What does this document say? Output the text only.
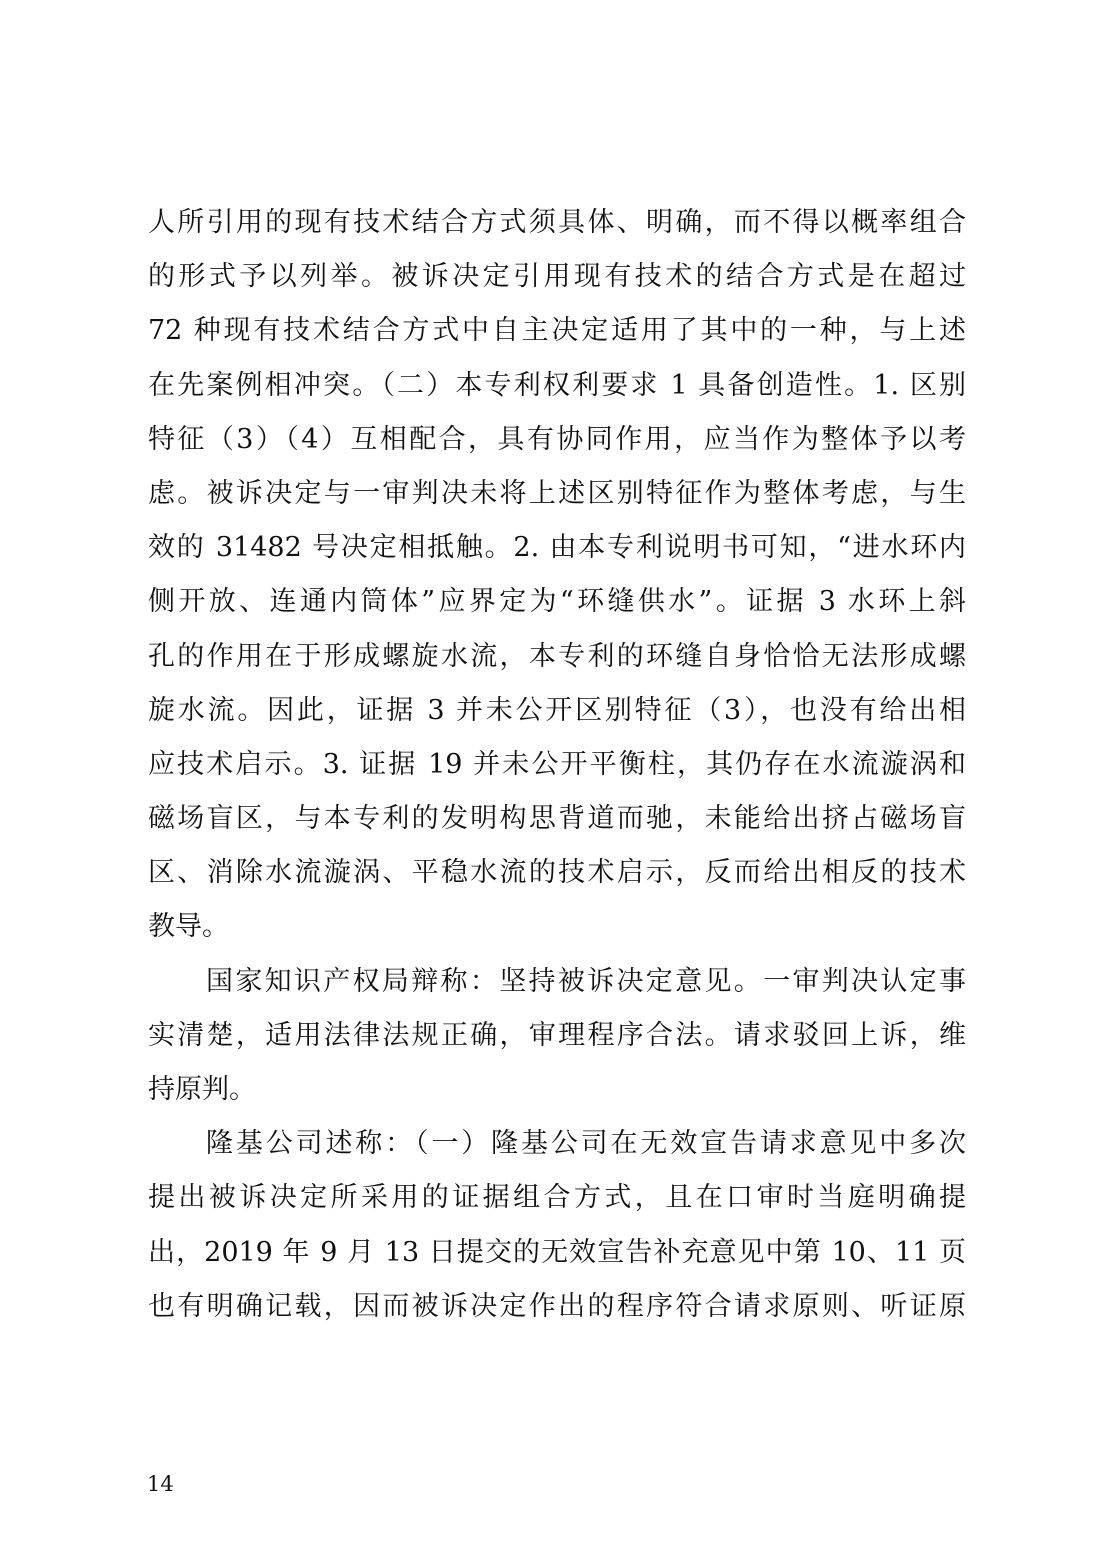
人所引用的现有技术结合方式须具体、明确，而不得以概率组合
的形式予以列举。被诉决定引用现有技术的结合方式是在超过
72 种现有技术结合方式中自主决定适用了其中的一种，与上述
在先案例相冲突。（二）本专利权利要求 1 具备创造性。1. 区别
特征（3）（4）互相配合，具有协同作用，应当作为整体予以考
虑。被诉决定与一审判决未将上述区别特征作为整体考虑，与生
效的 31482 号决定相抵触。2. 由本专利说明书可知，“进水环内
侧开放、连通内筒体”应界定为“环缝供水”。证据 3 水环上斜
孔的作用在于形成螺旋水流，本专利的环缝自身恰恰无法形成螺
旋水流。因此，证据 3 并未公开区别特征（3），也没有给出相
应技术启示。3. 证据 19 并未公开平衡柱，其仍存在水流漩涡和
磁场盲区，与本专利的发明构思背道而驰，未能给出挤占磁场盲
区、消除水流漩涡、平稳水流的技术启示，反而给出相反的技术
教导。
国家知识产权局辩称：坚持被诉决定意见。一审判决认定事
实清楚，适用法律法规正确，审理程序合法。请求驳回上诉，维
持原判。
隆基公司述称：（一）隆基公司在无效宣告请求意见中多次
提出被诉决定所采用的证据组合方式，且在口审时当庭明确提
出，2019 年 9 月 13 日提交的无效宣告补充意见中第 10、11 页
也有明确记载，因而被诉决定作出的程序符合请求原则、听证原
14
